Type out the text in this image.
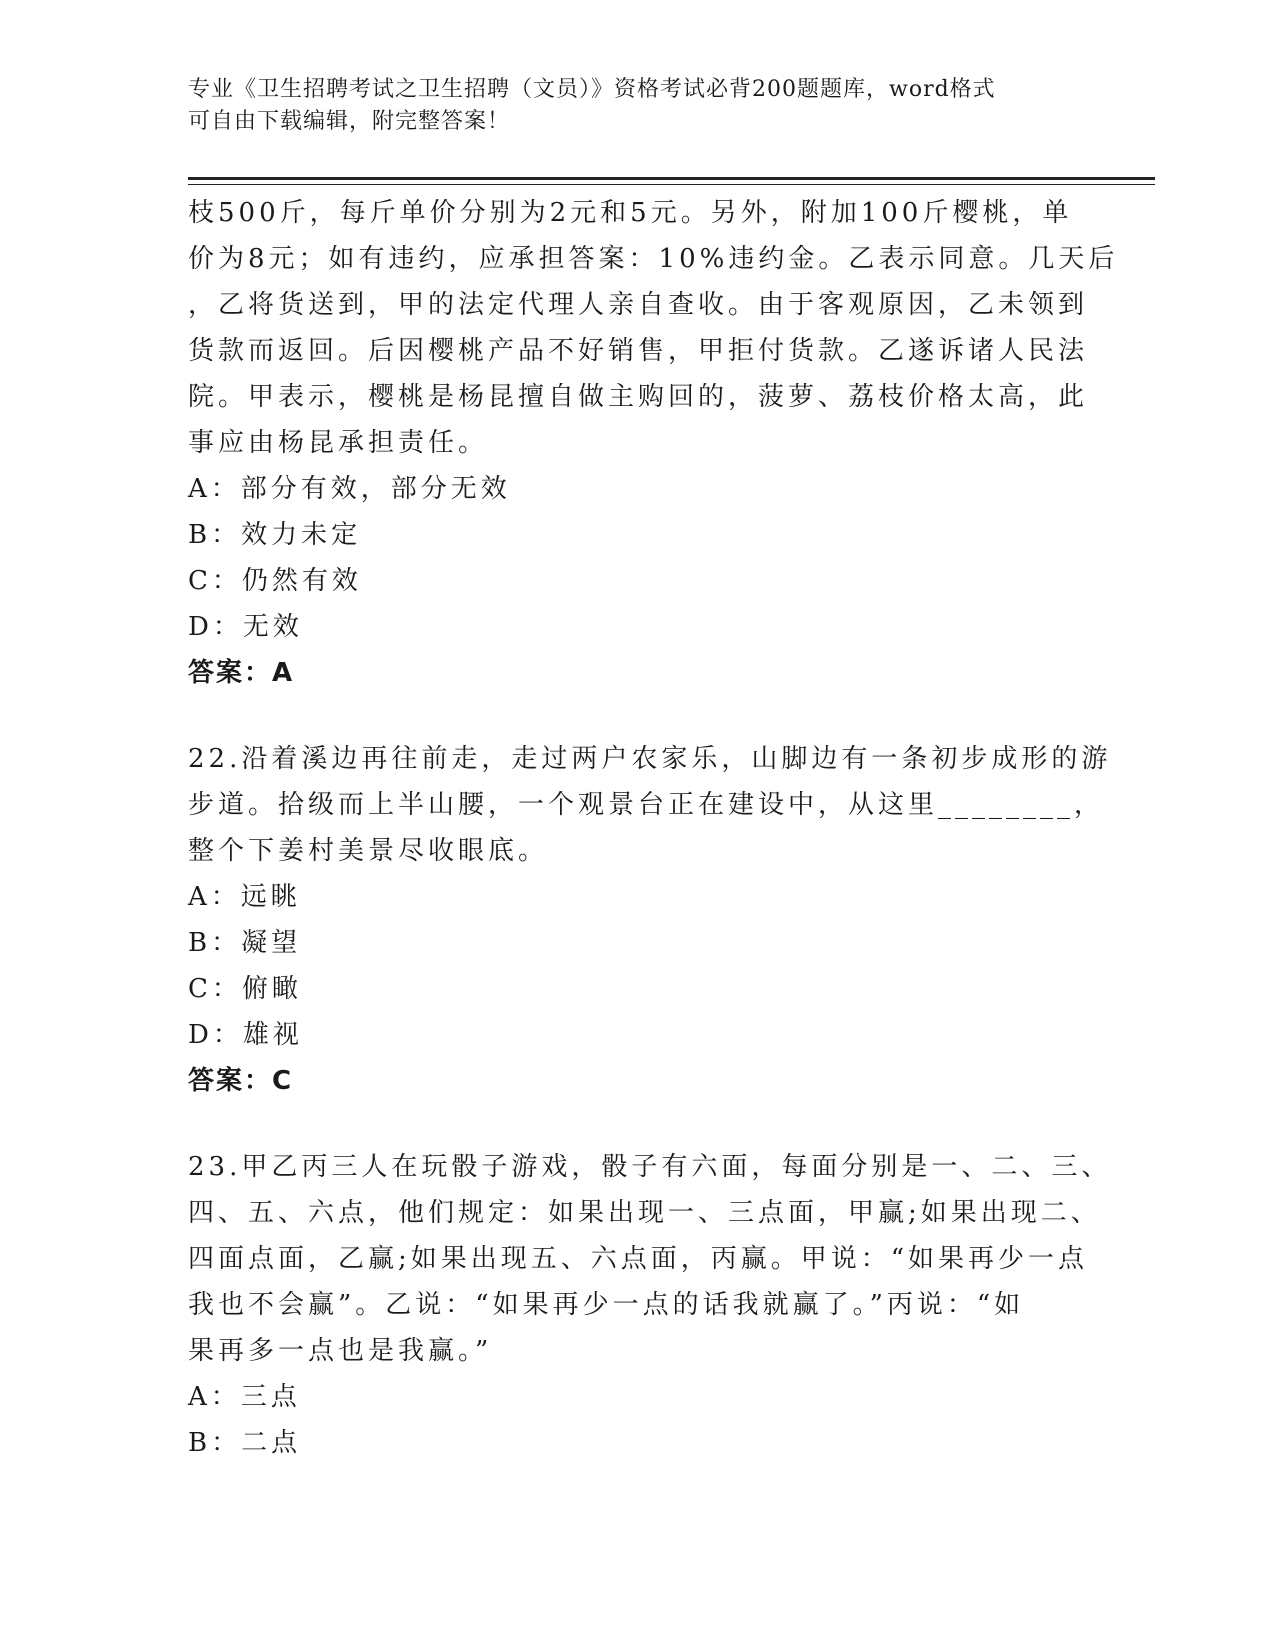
专业《卫生招聘考试之卫生招聘（文员）》资格考试必背200题题库，word格式
可自由下载编辑，附完整答案！
枝500斤，每斤单价分别为2元和5元。另外，附加100斤樱桃，单
价为8元；如有违约，应承担答案：10%违约金。乙表示同意。几天后
，乙将货送到，甲的法定代理人亲自查收。由于客观原因，乙未领到
货款而返回。后因樱桃产品不好销售，甲拒付货款。乙遂诉诸人民法
院。甲表示，樱桃是杨昆擅自做主购回的，菠萝、荔枝价格太高，此
事应由杨昆承担责任。
A：部分有效，部分无效
B：效力未定
C：仍然有效
D：无效
答案：A
22.沿着溪边再往前走，走过两户农家乐，山脚边有一条初步成形的游
步道。拾级而上半山腰，一个观景台正在建设中，从这里________，
整个下姜村美景尽收眼底。
A：远眺
B：凝望
C：俯瞰
D：雄视
答案：C
23.甲乙丙三人在玩骰子游戏，骰子有六面，每面分别是一、二、三、
四、五、六点，他们规定：如果出现一、三点面，甲赢;如果出现二、
四面点面，乙赢;如果出现五、六点面，丙赢。甲说：“如果再少一点
我也不会赢”。乙说：“如果再少一点的话我就赢了。”丙说：“如
果再多一点也是我赢。”
A：三点
B：二点
